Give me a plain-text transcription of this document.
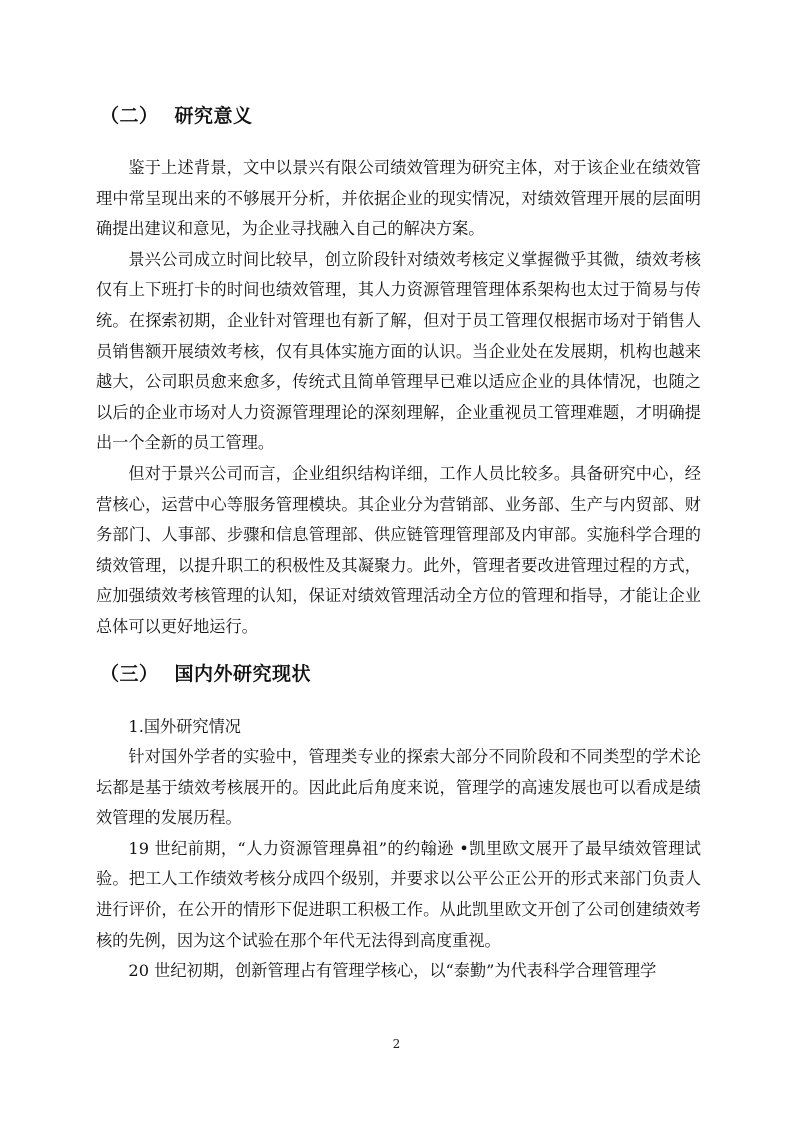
（二） 研究意义

鉴于上述背景，文中以景兴有限公司绩效管理为研究主体，对于该企业在绩效管理中常呈现出来的不够展开分析，并依据企业的现实情况，对绩效管理开展的层面明确提出建议和意见，为企业寻找融入自己的解决方案。

景兴公司成立时间比较早，创立阶段针对绩效考核定义掌握微乎其微，绩效考核仅有上下班打卡的时间也绩效管理，其人力资源管理管理体系架构也太过于简易与传统。在探索初期，企业针对管理也有新了解，但对于员工管理仅根据市场对于销售人员销售额开展绩效考核，仅有具体实施方面的认识。当企业处在发展期，机构也越来越大，公司职员愈来愈多，传统式且简单管理早已难以适应企业的具体情况，也随之以后的企业市场对人力资源管理理论的深刻理解，企业重视员工管理难题，才明确提出一个全新的员工管理。

但对于景兴公司而言，企业组织结构详细，工作人员比较多。具备研究中心，经营核心，运营中心等服务管理模块。其企业分为营销部、业务部、生产与内贸部、财务部门、人事部、步骤和信息管理部、供应链管理管理部及内审部。实施科学合理的绩效管理，以提升职工的积极性及其凝聚力。此外，管理者要改进管理过程的方式，应加强绩效考核管理的认知，保证对绩效管理活动全方位的管理和指导，才能让企业总体可以更好地运行。

（三） 国内外研究现状

1.国外研究情况

针对国外学者的实验中，管理类专业的探索大部分不同阶段和不同类型的学术论坛都是基于绩效考核展开的。因此此后角度来说，管理学的高速发展也可以看成是绩效管理的发展历程。

19 世纪前期，“人力资源管理鼻祖”的约翰逊 •凯里欧文展开了最早绩效管理试验。把工人工作绩效考核分成四个级别，并要求以公平公正公开的形式来部门负责人进行评价，在公开的情形下促进职工积极工作。从此凯里欧文开创了公司创建绩效考核的先例，因为这个试验在那个年代无法得到高度重视。

20 世纪初期，创新管理占有管理学核心，以“泰勤”为代表科学合理管理学

2
